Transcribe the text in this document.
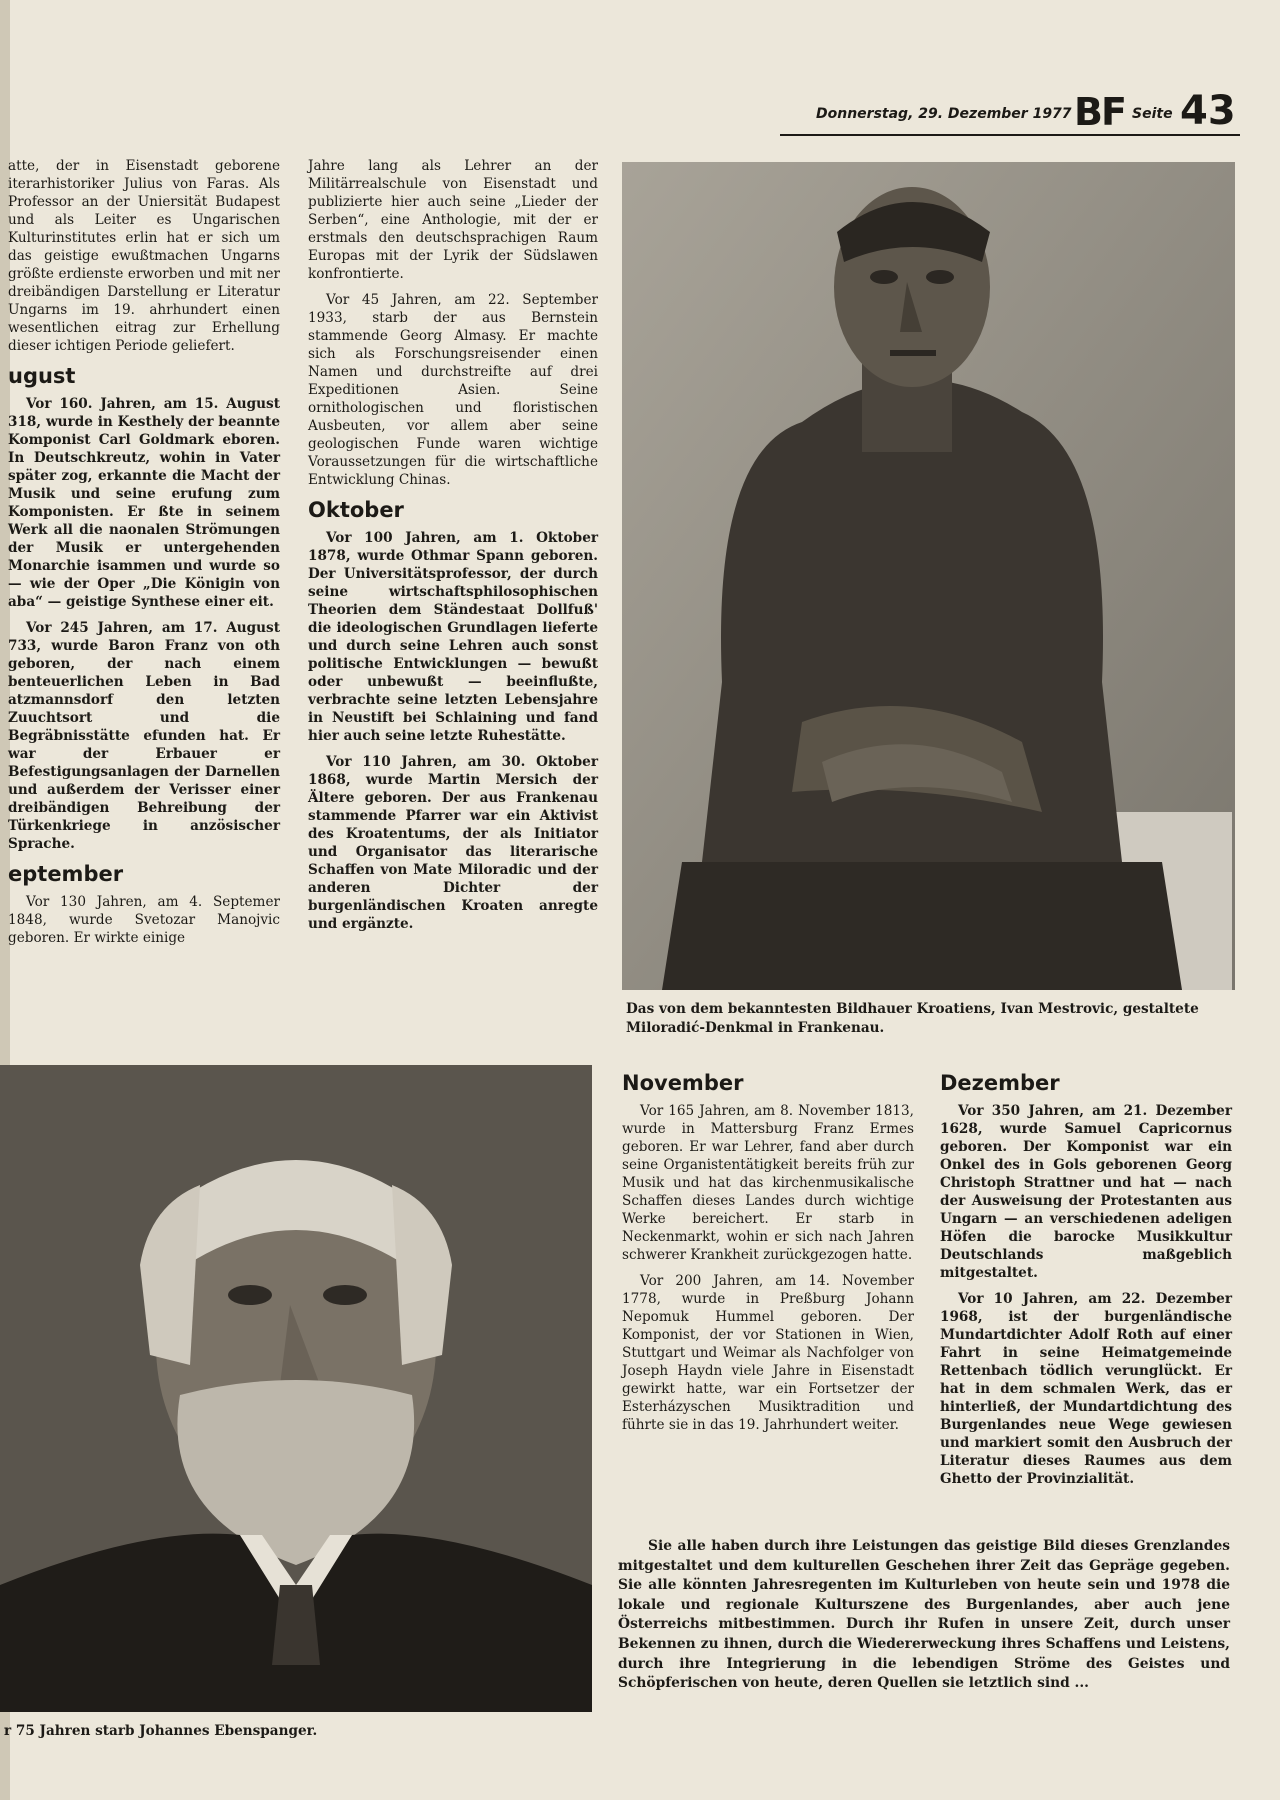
Donnerstag, 29. Dezember 1977 BF Seite 43

atte, der in Eisenstadt geborene iterarhistoriker Julius von Faras. Als Professor an der Uniersität Budapest und als Leiter es Ungarischen Kulturinstitutes erlin hat er sich um das geistige ewußtmachen Ungarns größte erdienste erworben und mit ner dreibändigen Darstellung er Literatur Ungarns im 19. ahrhundert einen wesentlichen eitrag zur Erhellung dieser ichtigen Periode geliefert.

ugust

Vor 160. Jahren, am 15. August 318, wurde in Kesthely der beannte Komponist Carl Goldmark eboren. In Deutschkreutz, wohin in Vater später zog, erkannte die Macht der Musik und seine erufung zum Komponisten. Er ßte in seinem Werk all die naonalen Strömungen der Musik er untergehenden Monarchie isammen und wurde so — wie der Oper „Die Königin von aba“ — geistige Synthese einer eit.

Vor 245 Jahren, am 17. August 733, wurde Baron Franz von oth geboren, der nach einem benteuerlichen Leben in Bad atzmannsdorf den letzten Zuuchtsort und die Begräbnisstätte efunden hat. Er war der Erbauer er Befestigungsanlagen der Darnellen und außerdem der Verisser einer dreibändigen Behreibung der Türkenkriege in anzösischer Sprache.

eptember

Vor 130 Jahren, am 4. Septemer 1848, wurde Svetozar Manojvic geboren. Er wirkte einige

Jahre lang als Lehrer an der Militärrealschule von Eisenstadt und publizierte hier auch seine „Lieder der Serben“, eine Anthologie, mit der er erstmals den deutschsprachigen Raum Europas mit der Lyrik der Südslawen konfrontierte.

Vor 45 Jahren, am 22. September 1933, starb der aus Bernstein stammende Georg Almasy. Er machte sich als Forschungsreisender einen Namen und durchstreifte auf drei Expeditionen Asien. Seine ornithologischen und floristischen Ausbeuten, vor allem aber seine geologischen Funde waren wichtige Voraussetzungen für die wirtschaftliche Entwicklung Chinas.

Oktober

Vor 100 Jahren, am 1. Oktober 1878, wurde Othmar Spann geboren. Der Universitätsprofessor, der durch seine wirtschaftsphilosophischen Theorien dem Ständestaat Dollfuß' die ideologischen Grundlagen lieferte und durch seine Lehren auch sonst politische Entwicklungen — bewußt oder unbewußt — beeinflußte, verbrachte seine letzten Lebensjahre in Neustift bei Schlaining und fand hier auch seine letzte Ruhestätte.

Vor 110 Jahren, am 30. Oktober 1868, wurde Martin Mersich der Ältere geboren. Der aus Frankenau stammende Pfarrer war ein Aktivist des Kroatentums, der als Initiator und Organisator das literarische Schaffen von Mate Miloradic und der anderen Dichter der burgenländischen Kroaten anregte und ergänzte.

Das von dem bekanntesten Bildhauer Kroatiens, Ivan Mestrovic, gestaltete Miloradić-Denkmal in Frankenau.
r 75 Jahren starb Johannes Ebenspanger.
November

Vor 165 Jahren, am 8. November 1813, wurde in Mattersburg Franz Ermes geboren. Er war Lehrer, fand aber durch seine Organistentätigkeit bereits früh zur Musik und hat das kirchenmusikalische Schaffen dieses Landes durch wichtige Werke bereichert. Er starb in Neckenmarkt, wohin er sich nach Jahren schwerer Krankheit zurückgezogen hatte.

Vor 200 Jahren, am 14. November 1778, wurde in Preßburg Johann Nepomuk Hummel geboren. Der Komponist, der vor Stationen in Wien, Stuttgart und Weimar als Nachfolger von Joseph Haydn viele Jahre in Eisenstadt gewirkt hatte, war ein Fortsetzer der Esterházyschen Musiktradition und führte sie in das 19. Jahrhundert weiter.

Dezember

Vor 350 Jahren, am 21. Dezember 1628, wurde Samuel Capricornus geboren. Der Komponist war ein Onkel des in Gols geborenen Georg Christoph Strattner und hat — nach der Ausweisung der Protestanten aus Ungarn — an verschiedenen adeligen Höfen die barocke Musikkultur Deutschlands maßgeblich mitgestaltet.

Vor 10 Jahren, am 22. Dezember 1968, ist der burgenländische Mundartdichter Adolf Roth auf einer Fahrt in seine Heimatgemeinde Rettenbach tödlich verunglückt. Er hat in dem schmalen Werk, das er hinterließ, der Mundartdichtung des Burgenlandes neue Wege gewiesen und markiert somit den Ausbruch der Literatur dieses Raumes aus dem Ghetto der Provinzialität.

Sie alle haben durch ihre Leistungen das geistige Bild dieses Grenzlandes mitgestaltet und dem kulturellen Geschehen ihrer Zeit das Gepräge gegeben. Sie alle könnten Jahresregenten im Kulturleben von heute sein und 1978 die lokale und regionale Kulturszene des Burgenlandes, aber auch jene Österreichs mitbestimmen. Durch ihr Rufen in unsere Zeit, durch unser Bekennen zu ihnen, durch die Wiedererweckung ihres Schaffens und Leistens, durch ihre Integrierung in die lebendigen Ströme des Geistes und Schöpferischen von heute, deren Quellen sie letztlich sind ...
